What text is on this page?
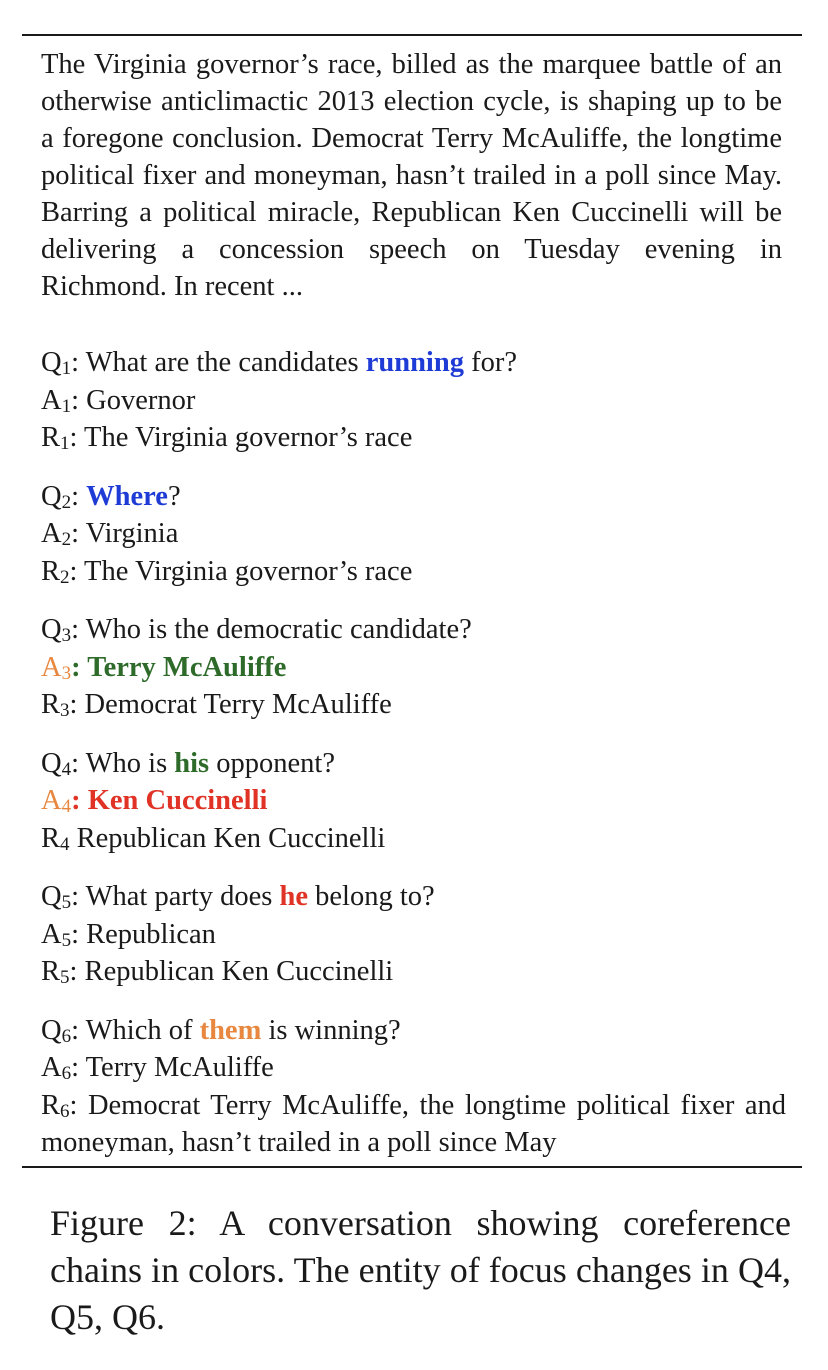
The Virginia governor’s race, billed as the marquee battle of an otherwise anticlimactic 2013 election cycle, is shaping up to be a foregone conclusion. Democrat Terry McAuliffe, the longtime political fixer and moneyman, hasn’t trailed in a poll since May. Barring a political miracle, Republican Ken Cuccinelli will be delivering a concession speech on Tuesday evening in Richmond. In recent ...
$Q_1$: What are the candidates running for?
$A_1$: Governor
$R_1$: The Virginia governor’s race
$Q_2$: Where?
$A_2$: Virginia
$R_2$: The Virginia governor’s race
$Q_3$: Who is the democratic candidate?
$A_3$: Terry McAuliffe
$R_3$: Democrat Terry McAuliffe
$Q_4$: Who is his opponent?
$A_4$: Ken Cuccinelli
$R_4$ Republican Ken Cuccinelli
$Q_5$: What party does he belong to?
$A_5$: Republican
$R_5$: Republican Ken Cuccinelli
$Q_6$: Which of them is winning?
$A_6$: Terry McAuliffe
$R_6$: Democrat Terry McAuliffe, the longtime political fixer and moneyman, hasn’t trailed in a poll since May
Figure 2: A conversation showing coreference chains in colors. The entity of focus changes in Q4, Q5, Q6.
